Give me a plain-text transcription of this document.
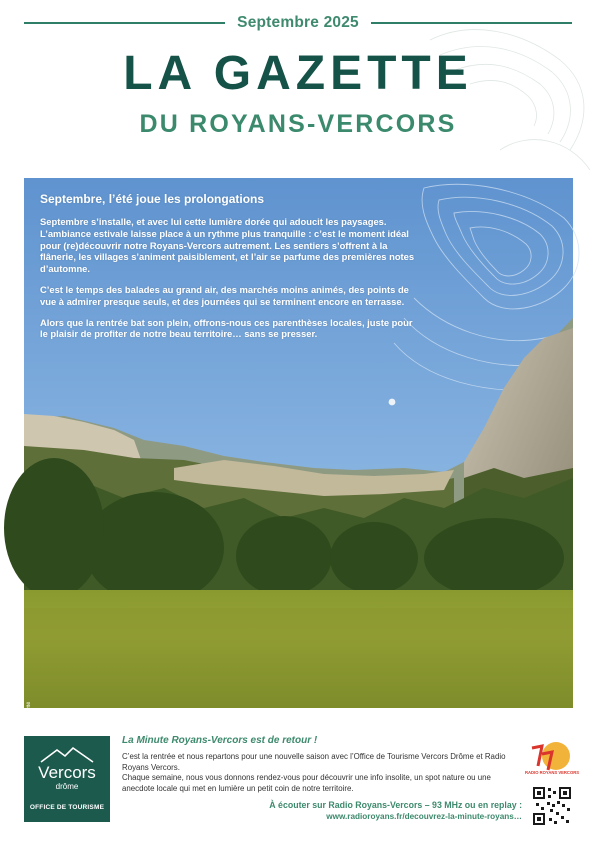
Septembre 2025
LA GAZETTE
DU ROYANS-VERCORS

Septembre, l’été joue les prolongations

Septembre s’installe, et avec lui cette lumière dorée qui adoucit les paysages. L’ambiance estivale laisse place à un rythme plus tranquille : c’est le moment idéal pour (re)découvrir notre Royans-Vercors autrement. Les sentiers s’offrent à la flânerie, les villages s’animent paisiblement, et l’air se parfume des premières notes d’automne.

C’est le temps des balades au grand air, des marchés moins animés, des points de vue à admirer presque seuls, et des journées qui se terminent encore en terrasse.

Alors que la rentrée bat son plein, offrons-nous ces parenthèses locales, juste pour le plaisir de profiter de notre beau territoire… sans se presser.

Vercors
drôme
OFFICE DE TOURISME
La Minute Royans-Vercors est de retour !

C’est la rentrée et nous repartons pour une nouvelle saison avec l’Office de Tourisme Vercors Drôme et Radio Royans Vercors.

Chaque semaine, nous vous donnons rendez-vous pour découvrir une info insolite, un spot nature ou une anecdote locale qui met en lumière un petit coin de notre territoire.

À écouter sur Radio Royans-Vercors – 93 MHz ou en replay :
www.radioroyans.fr/decouvrez-la-minute-royans…
RADIO ROYANS VERCORS
